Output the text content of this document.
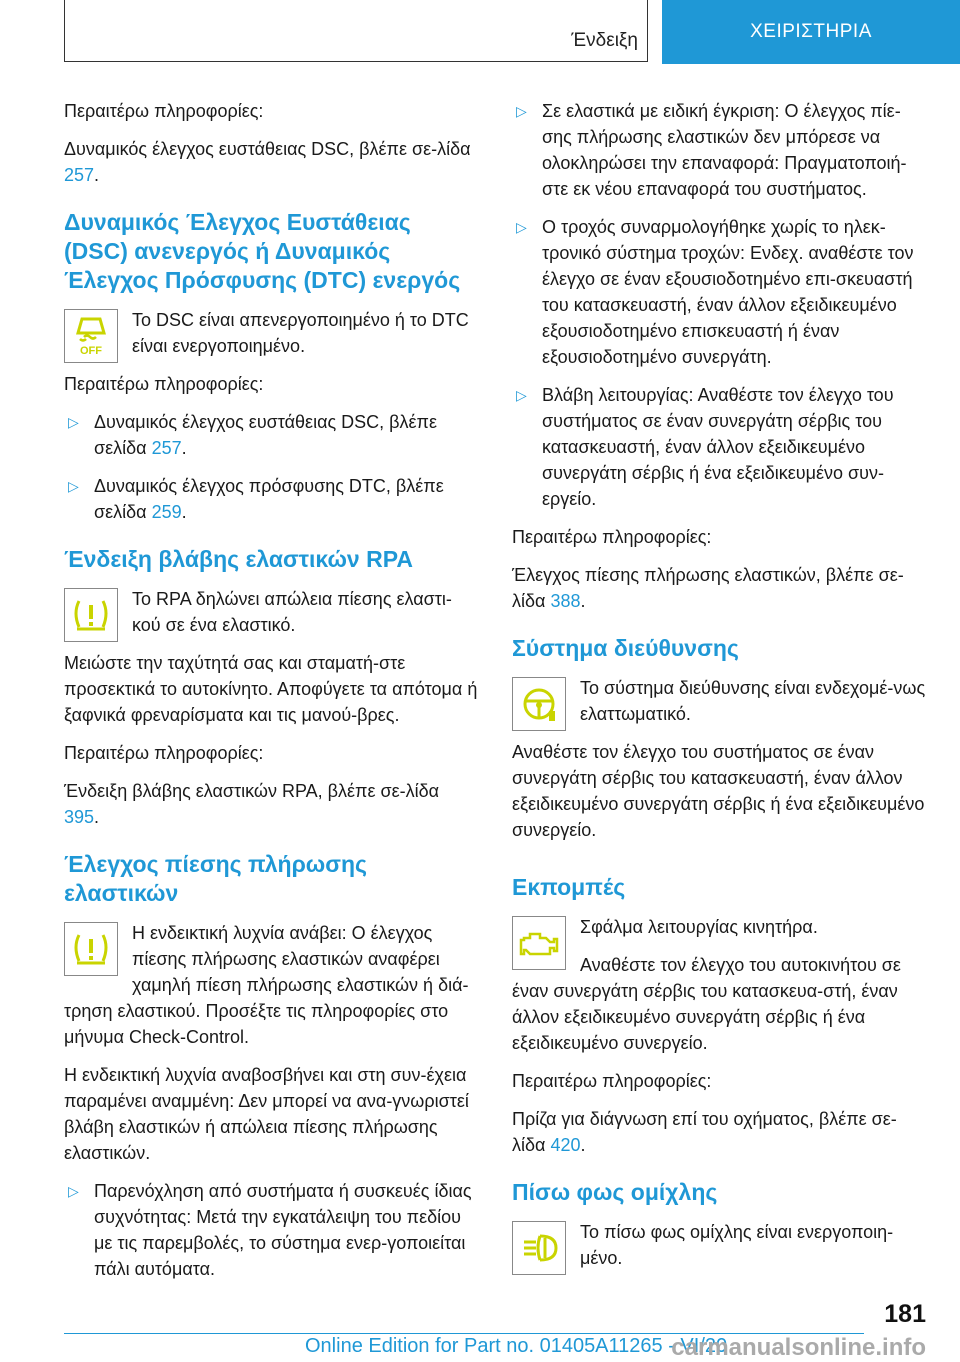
Ένδειξη	ΧΕΙΡΙΣΤΗΡΙΑ

Περαιτέρω πληροφορίες:

Δυναμικός έλεγχος ευστάθειας DSC, βλέπε σε‐λίδα 257.

Δυναμικός Έλεγχος Ευστάθειας (DSC) ανενεργός ή Δυναμικός Έλεγχος Πρόσφυσης (DTC) ενεργός
OFF

Το DSC είναι απενεργοποιημένο ή το DTC είναι ενεργοποιημένο.

Περαιτέρω πληροφορίες:

▷ Δυναμικός έλεγχος ευστάθειας DSC, βλέπε σελίδα 257.
▷ Δυναμικός έλεγχος πρόσφυσης DTC, βλέπε σελίδα 259.
Ένδειξη βλάβης ελαστικών RPA

Το RPA δηλώνει απώλεια πίεσης ελαστι‐κού σε ένα ελαστικό.

Μειώστε την ταχύτητά σας και σταματή‐στε προσεκτικά το αυτοκίνητο. Αποφύγετε τα απότομα ή ξαφνικά φρεναρίσματα και τις μανού‐βρες.

Περαιτέρω πληροφορίες:

Ένδειξη βλάβης ελαστικών RPA, βλέπε σε‐λίδα 395.

Έλεγχος πίεσης πλήρωσης ελαστικών

Η ενδεικτική λυχνία ανάβει: Ο έλεγχος πίεσης πλήρωσης ελαστικών αναφέρει χαμηλή πίεση πλήρωσης ελαστικών ή διά‐τρηση ελαστικού. Προσέξτε τις πληροφορίες στο μήνυμα Check-Control.

Η ενδεικτική λυχνία αναβοσβήνει και στη συν‐έχεια παραμένει αναμμένη: Δεν μπορεί να ανα‐γνωριστεί βλάβη ελαστικών ή απώλεια πίεσης πλήρωσης ελαστικών.

▷ Παρενόχληση από συστήματα ή συσκευές ίδιας συχνότητας: Μετά την εγκατάλειψη του πεδίου με τις παρεμβολές, το σύστημα ενερ‐γοποιείται πάλι αυτόματα.
▷ Σε ελαστικά με ειδική έγκριση: Ο έλεγχος πίε‐σης πλήρωσης ελαστικών δεν μπόρεσε να ολοκληρώσει την επαναφορά: Πραγματοποιή‐στε εκ νέου επαναφορά του συστήματος.
▷ Ο τροχός συναρμολογήθηκε χωρίς το ηλεκ‐τρονικό σύστημα τροχών: Ενδεχ. αναθέστε τον έλεγχο σε έναν εξουσιοδοτημένο επι‐σκευαστή του κατασκευαστή, έναν άλλον εξειδικευμένο εξουσιοδοτημένο επισκευαστή ή έναν εξουσιοδοτημένο συνεργάτη.
▷ Βλάβη λειτουργίας: Αναθέστε τον έλεγχο του συστήματος σε έναν συνεργάτη σέρβις του κατασκευαστή, έναν άλλον εξειδικευμένο συνεργάτη σέρβις ή ένα εξειδικευμένο συν‐εργείο.

Περαιτέρω πληροφορίες:

Έλεγχος πίεσης πλήρωσης ελαστικών, βλέπε σε‐λίδα 388.

Σύστημα διεύθυνσης

Το σύστημα διεύθυνσης είναι ενδεχομέ‐νως ελαττωματικό.

Αναθέστε τον έλεγχο του συστήματος σε έναν συνεργάτη σέρβις του κατασκευαστή, έναν άλλον εξειδικευμένο συνεργάτη σέρβις ή ένα εξειδικευμένο συνεργείο.

Εκπομπές

Σφάλμα λειτουργίας κινητήρα.

Αναθέστε τον έλεγχο του αυτοκινήτου σε έναν συνεργάτη σέρβις του κατασκευα‐στή, έναν άλλον εξειδικευμένο συνεργάτη σέρβις ή ένα εξειδικευμένο συνεργείο.

Περαιτέρω πληροφορίες:

Πρίζα για διάγνωση επί του οχήματος, βλέπε σε‐λίδα 420.

Πίσω φως ομίχλης

Το πίσω φως ομίχλης είναι ενεργοποιη‐μένο.

181
Online Edition for Part no. 01405A11265 - VI/20
carmanualsonline.info
